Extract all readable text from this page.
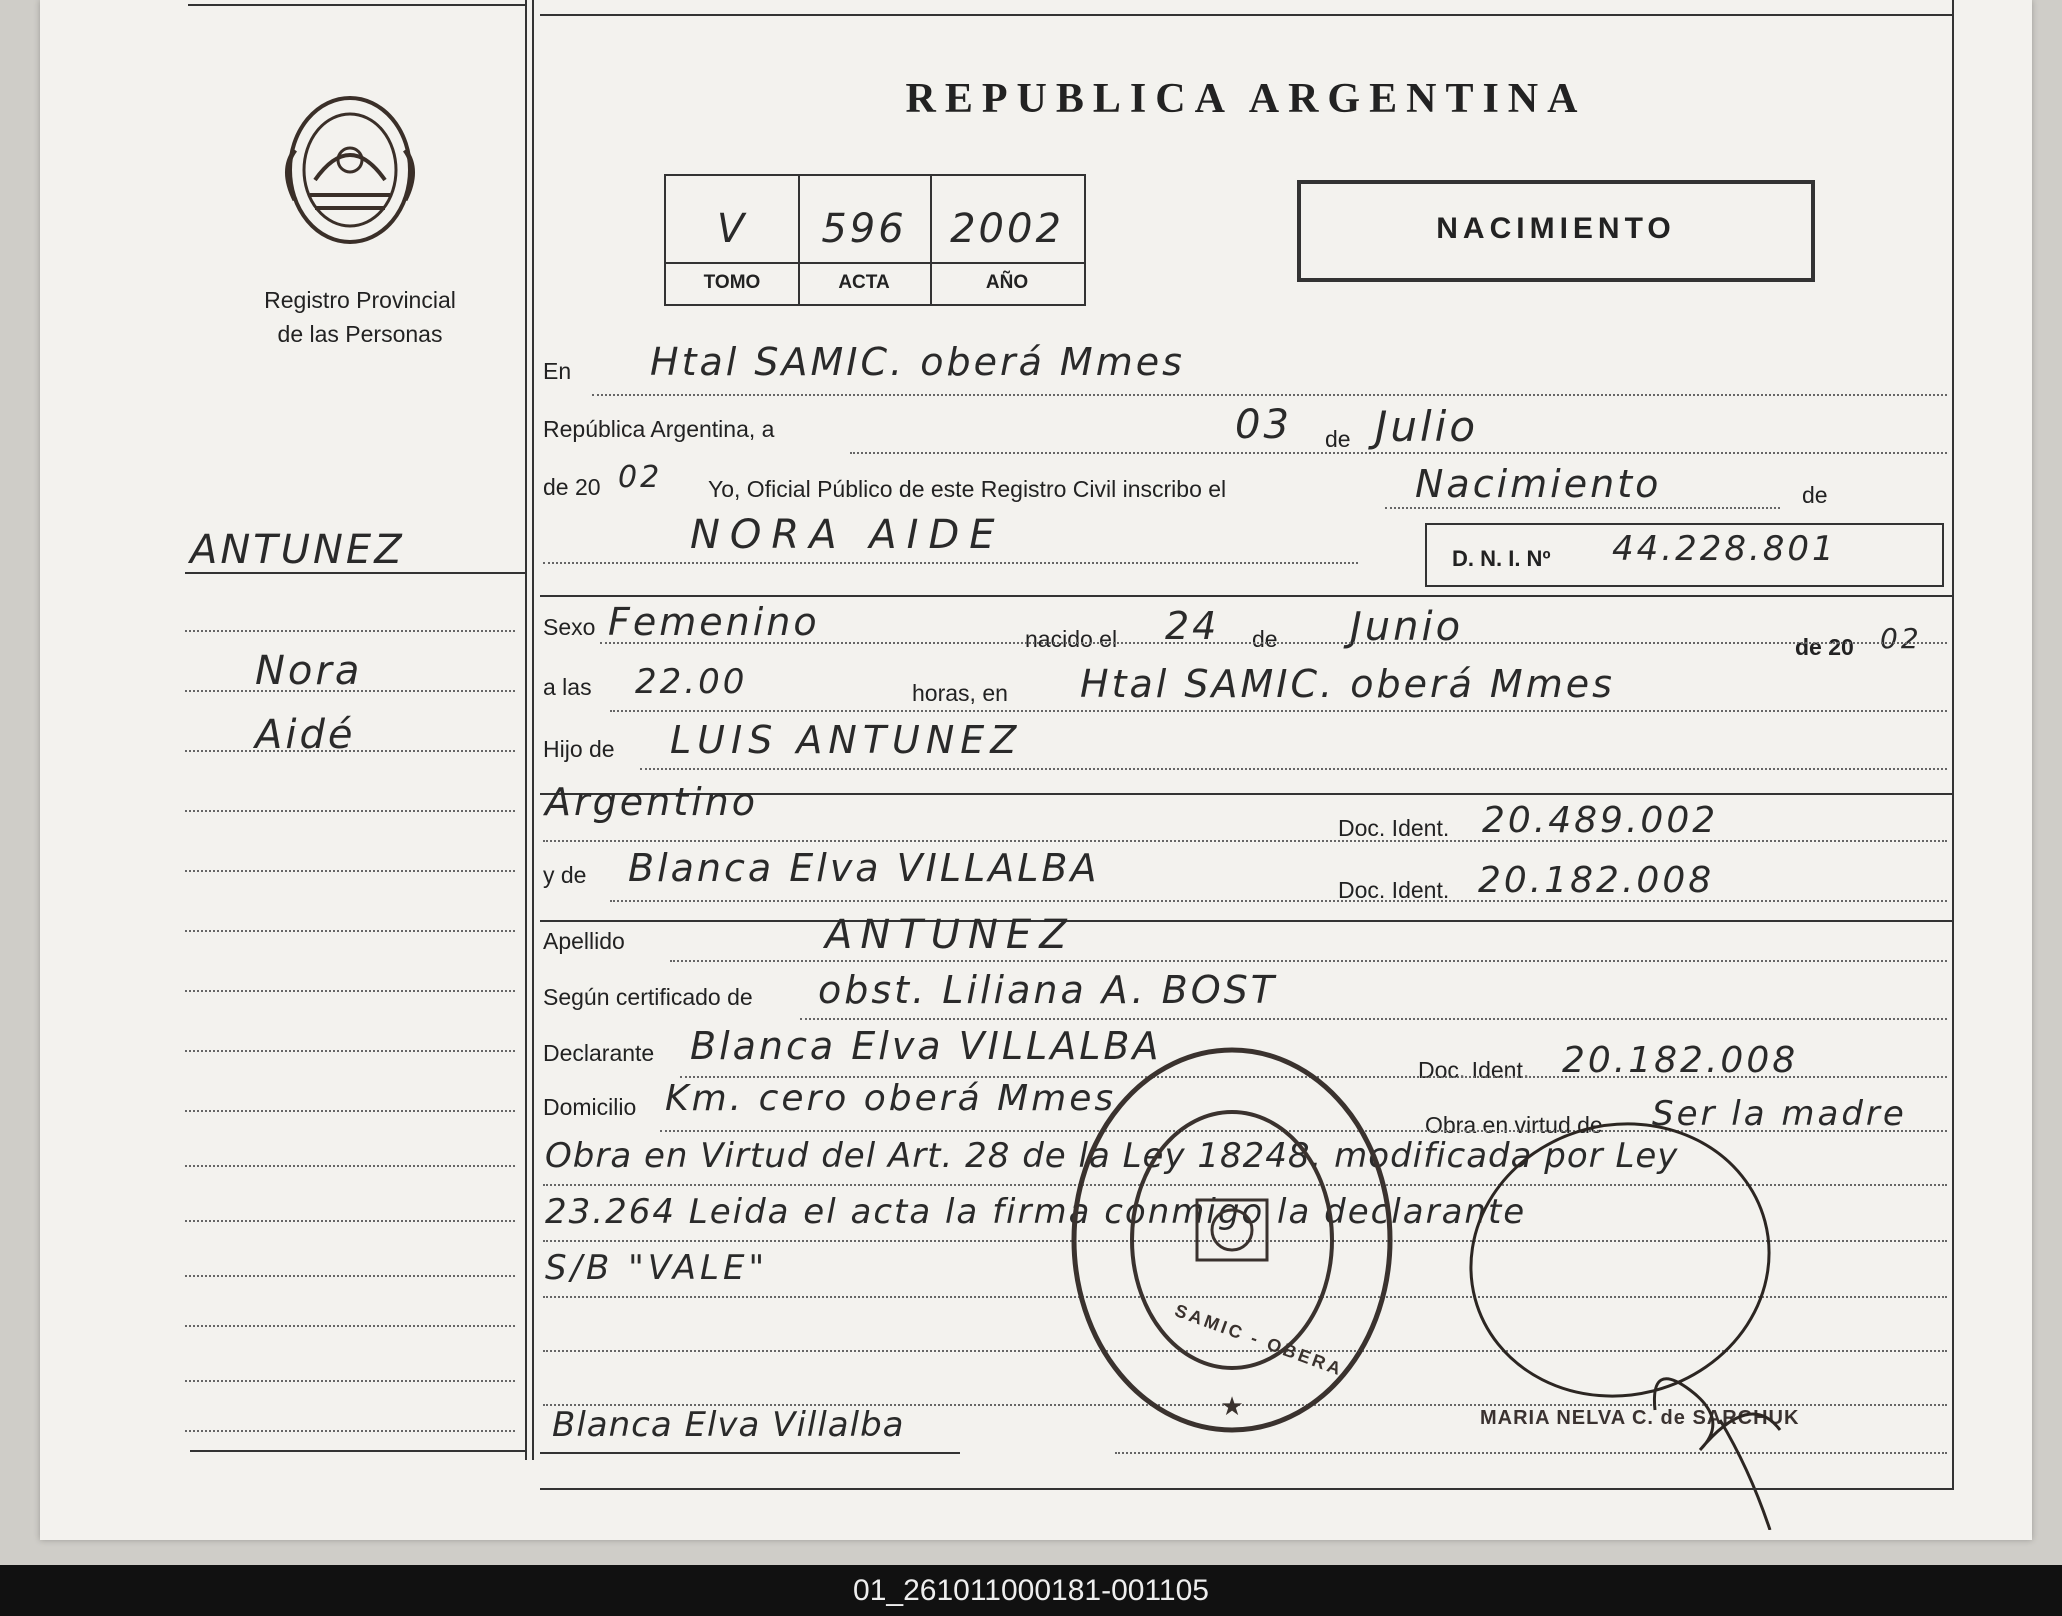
Registro Provincial
de las Personas
ANTUNEZ
Nora
Aidé
REPUBLICA ARGENTINA
V	596	2002
TOMO	ACTA	AÑO
NACIMIENTO
En Htal SAMIC. oberá Mmes
República Argentina, a	03 de Julio
de 20 02 Yo, Oficial Público de este Registro Civil inscribo el	Nacimiento	de
NORA AIDE
D. N. I. Nº 44.228.801
Sexo Femenino	nacido el 24 de Junio	de 20 02
a las 22.00	horas, en Htal SAMIC. oberá Mmes
Hijo de LUIS ANTUNEZ
Argentino
Doc. Ident. 20.489.002
y de Blanca Elva VILLALBA	Doc. Ident. 20.182.008
Apellido	ANTUNEZ
Según certificado de obst. Liliana A. BOST
Declarante Blanca Elva VILLALBA
Doc. Ident. 20.182.008
Domicilio Km. cero oberá Mmes
Obra en virtud de Ser la madre
Obra en Virtud del Art. 28 de la Ley 18248. modificada por Ley
23.264 Leida el acta la firma conmigo la declarante
S/B "VALE"
Blanca Elva Villalba	MARIA NELVA C. de SARCHUK
★
SAMIC - OBERA
01_261011000181-001105
